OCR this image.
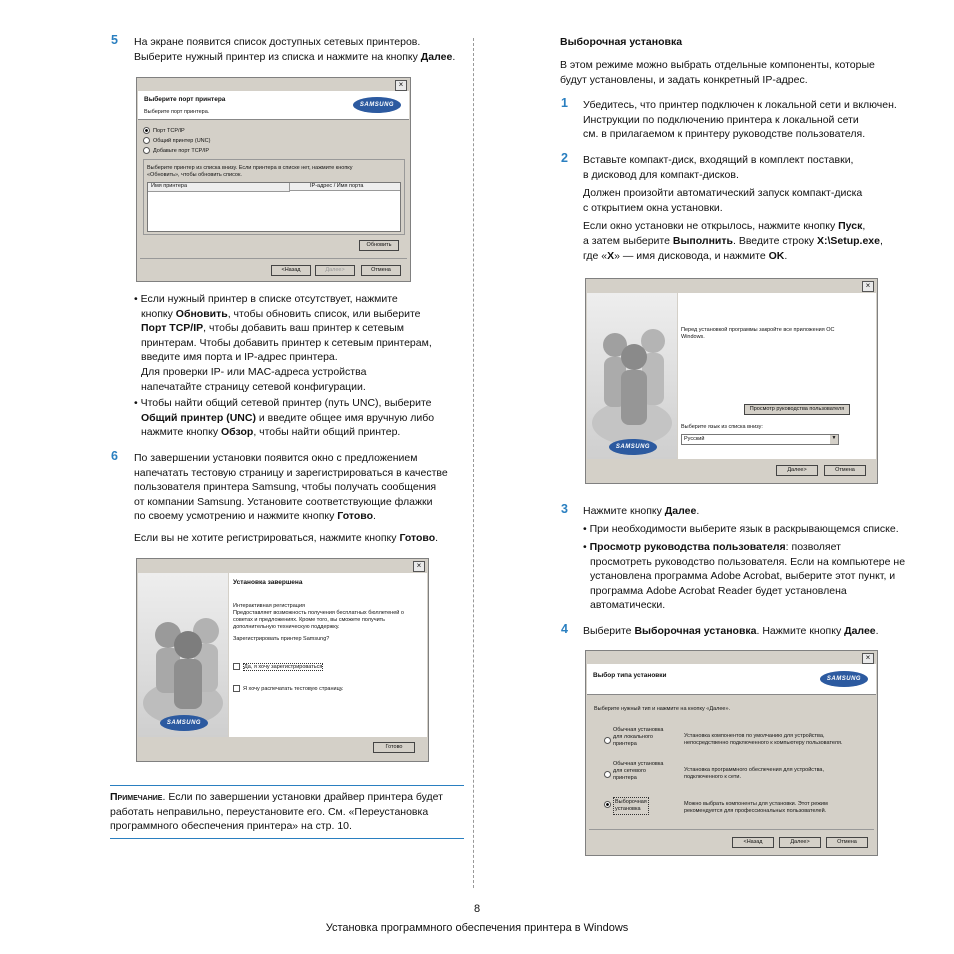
5 На экране появится список доступных сетевых принтеров.

Выберите нужный принтер из списка и нажмите на кнопку Далее.

×
Выберите порт принтера
Выберите порт принтера.
SAMSUNG
Порт TCP/IP
Общий принтер (UNC)
Добавьте порт TCP/IP
Выберите принтер из списка внизу. Если принтера в списке нет, нажмите кнопку
«Обновить», чтобы обновить список.
Имя принтера	IP-адрес / Имя порта
Обновить
<Назад	Далее>	Отмена

• Если нужный принтер в списке отсутствует, нажмите

кнопку Обновить, чтобы обновить список, или выберите

Порт TCP/IP, чтобы добавить ваш принтер к сетевым

принтерам. Чтобы добавить принтер к сетевым принтерам,

введите имя порта и IP-адрес принтера.

Для проверки IP- или MAC-адреса устройства

напечатайте страницу сетевой конфигурации.

• Чтобы найти общий сетевой принтер (путь UNC), выберите

Общий принтер (UNC) и введите общее имя вручную либо

нажмите кнопку Обзор, чтобы найти общий принтер.

6 По завершении установки появится окно с предложением

напечатать тестовую страницу и зарегистрироваться в качестве

пользователя принтера Samsung, чтобы получать сообщения

от компании Samsung. Установите соответствующие флажки

по своему усмотрению и нажмите кнопку Готово.

Если вы не хотите регистрироваться, нажмите кнопку Готово.

×
SAMSUNG
Установка завершена
Интерактивная регистрация
Предоставляет возможность получения бесплатных бюллетеней о
советах и предложениях. Кроме того, вы сможете получить
дополнительную техническую поддержку.
Зарегистрировать принтер Samsung?
Да, я хочу зарегистрироваться
Я хочу распечатать тестовую страницу.
Готово

Примечание. Если по завершении установки драйвер принтера будет

работать неправильно, переустановите его. См. «Переустановка

программного обеспечения принтера» на стр. 10.

Выборочная установка

В этом режиме можно выбрать отдельные компоненты, которые

будут установлены, и задать конкретный IP-адрес.

1 Убедитесь, что принтер подключен к локальной сети и включен.

Инструкции по подключению принтера к локальной сети

см. в прилагаемом к принтеру руководстве пользователя.

2 Вставьте компакт-диск, входящий в комплект поставки,

в дисковод для компакт-дисков.

Должен произойти автоматический запуск компакт-диска

с открытием окна установки.

Если окно установки не открылось, нажмите кнопку Пуск,

а затем выберите Выполнить. Введите строку X:\Setup.exe,

где «X» — имя дисковода, и нажмите OK.

×
SAMSUNG
Перед установкой программы закройте все приложения ОС
Windows.
Просмотр руководства пользователя
Выберите язык из списка внизу:
Русский	▼
Далее>	Отмена
3 Нажмите кнопку Далее.

• При необходимости выберите язык в раскрывающемся списке.

• Просмотр руководства пользователя: позволяет

просмотреть руководство пользователя. Если на компьютере не

установлена программа Adobe Acrobat, выберите этот пункт, и

программа Adobe Acrobat Reader будет установлена

автоматически.

4 Выберите Выборочная установка. Нажмите кнопку Далее.

×
Выбор типа установки	SAMSUNG
Выберите нужный тип и нажмите на кнопку «Далее».
Обычная установка
для локального
принтера
Установка компонентов по умолчанию для устройства,
непосредственно подключенного к компьютеру пользователя.
Обычная установка
для сетевого
принтера
Установка программного обеспечения для устройства,
подключенного к сети.
Выборочная
установка
Можно выбрать компоненты для установки. Этот режим
рекомендуется для профессиональных пользователей.
<Назад	Далее>	Отмена
8
Установка программного обеспечения принтера в Windows
